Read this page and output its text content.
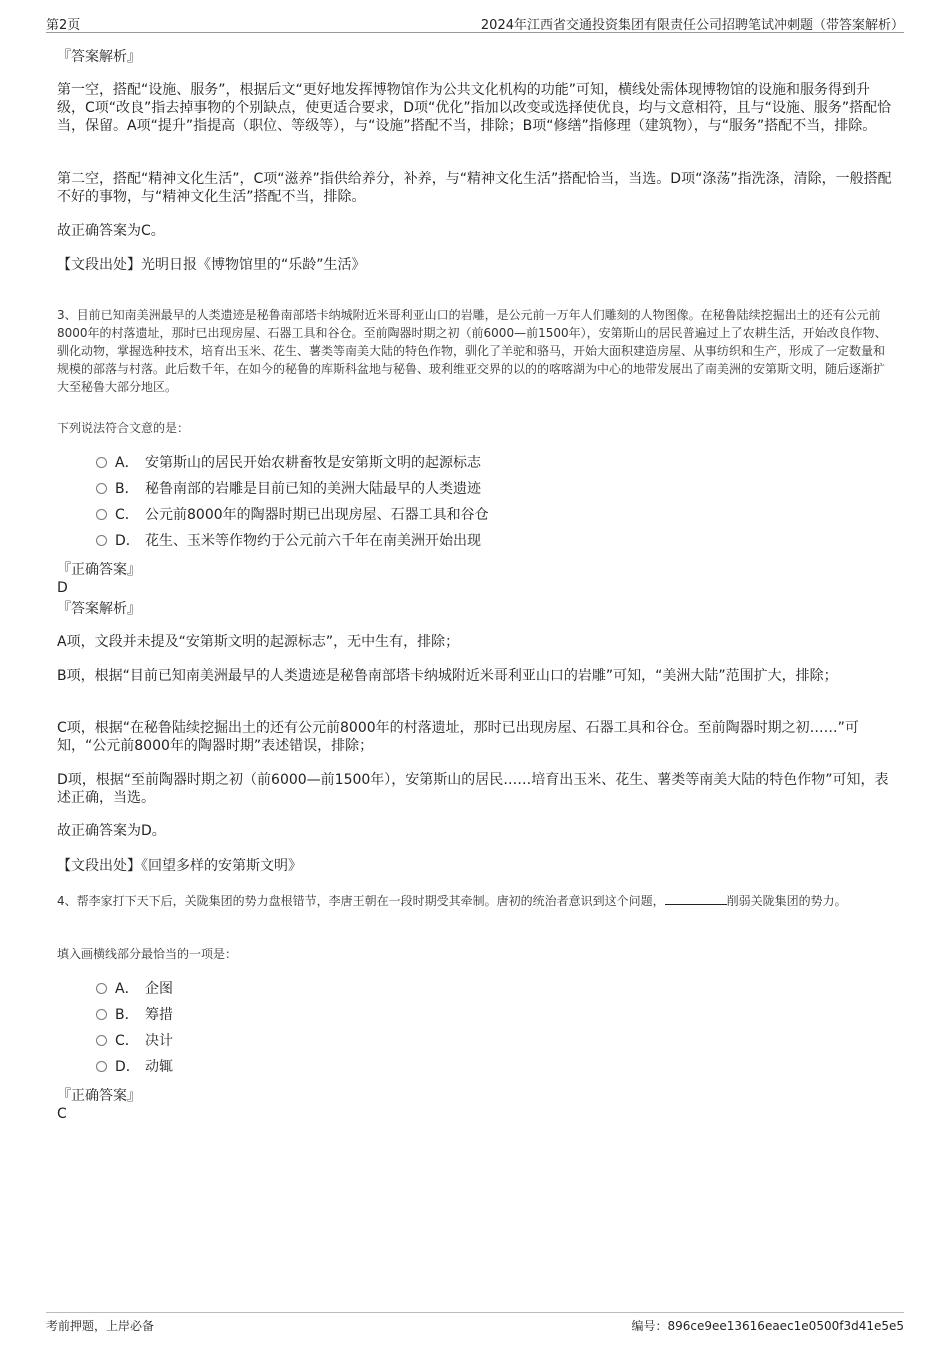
第2页	2024年江西省交通投资集团有限责任公司招聘笔试冲刺题（带答案解析）

『答案解析』

第一空，搭配“设施、服务”，根据后文“更好地发挥博物馆作为公共文化机构的功能”可知，横线处需体现博物馆的设施和服务得到升级，C项“改良”指去掉事物的个别缺点，使更适合要求，D项“优化”指加以改变或选择使优良，均与文意相符，且与“设施、服务”搭配恰当，保留。A项“提升”指提高（职位、等级等），与“设施”搭配不当，排除；B项“修缮”指修理（建筑物），与“服务”搭配不当，排除。

第二空，搭配“精神文化生活”，C项“滋养”指供给养分，补养，与“精神文化生活”搭配恰当，当选。D项“涤荡”指洗涤，清除，一般搭配不好的事物，与“精神文化生活”搭配不当，排除。

故正确答案为C。

【文段出处】光明日报《博物馆里的“乐龄”生活》

3、目前已知南美洲最早的人类遗迹是秘鲁南部塔卡纳城附近米哥利亚山口的岩雕，是公元前一万年人们雕刻的人物图像。在秘鲁陆续挖掘出土的还有公元前8000年的村落遗址，那时已出现房屋、石器工具和谷仓。至前陶器时期之初（前6000—前1500年），安第斯山的居民普遍过上了农耕生活，开始改良作物、驯化动物，掌握选种技术，培育出玉米、花生、薯类等南美大陆的特色作物，驯化了羊驼和骆马，开始大面积建造房屋、从事纺织和生产，形成了一定数量和规模的部落与村落。此后数千年，在如今的秘鲁的库斯科盆地与秘鲁、玻利维亚交界的以的的喀喀湖为中心的地带发展出了南美洲的安第斯文明，随后逐渐扩大至秘鲁大部分地区。

下列说法符合文意的是：

A． 安第斯山的居民开始农耕畜牧是安第斯文明的起源标志
B． 秘鲁南部的岩雕是目前已知的美洲大陆最早的人类遗迹
C． 公元前8000年的陶器时期已出现房屋、石器工具和谷仓
D． 花生、玉米等作物约于公元前六千年在南美洲开始出现

『正确答案』

D

『答案解析』

A项，文段并未提及“安第斯文明的起源标志”，无中生有，排除；

B项，根据“目前已知南美洲最早的人类遗迹是秘鲁南部塔卡纳城附近米哥利亚山口的岩雕”可知，“美洲大陆”范围扩大，排除；

C项，根据“在秘鲁陆续挖掘出土的还有公元前8000年的村落遗址，那时已出现房屋、石器工具和谷仓。至前陶器时期之初……”可知，“公元前8000年的陶器时期”表述错误，排除；

D项，根据“至前陶器时期之初（前6000—前1500年），安第斯山的居民……培育出玉米、花生、薯类等南美大陆的特色作物”可知，表述正确，当选。

故正确答案为D。

【文段出处】《回望多样的安第斯文明》

4、帮李家打下天下后，关陇集团的势力盘根错节，李唐王朝在一段时期受其牵制。唐初的统治者意识到这个问题，	削弱关陇集团的势力。

填入画横线部分最恰当的一项是：

A． 企图
B． 筹措
C． 决计
D． 动辄

『正确答案』

C

考前押题，上岸必备	编号：896ce9ee13616eaec1e0500f3d41e5e5
